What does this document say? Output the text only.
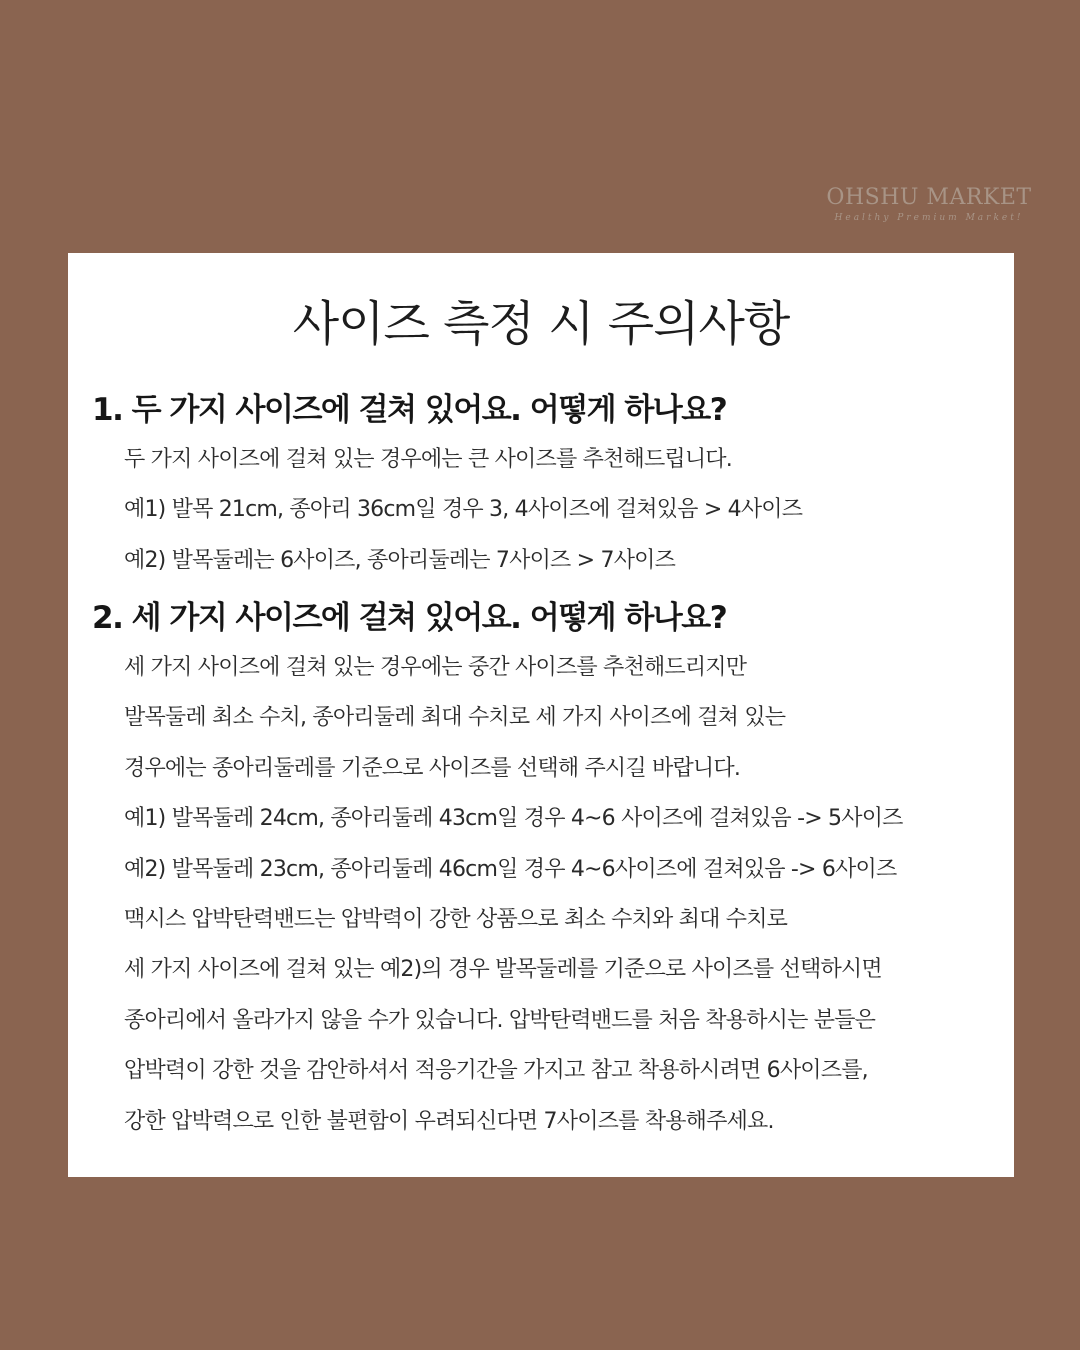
OHSHU MARKET
Healthy Premium Market!
사이즈 측정 시 주의사항
1. 두 가지 사이즈에 걸쳐 있어요. 어떻게 하나요?
두 가지 사이즈에 걸쳐 있는 경우에는 큰 사이즈를 추천해드립니다.
예1) 발목 21cm, 종아리 36cm일 경우 3, 4사이즈에 걸쳐있음 > 4사이즈
예2) 발목둘레는 6사이즈, 종아리둘레는 7사이즈 > 7사이즈
2. 세 가지 사이즈에 걸쳐 있어요. 어떻게 하나요?
세 가지 사이즈에 걸쳐 있는 경우에는 중간 사이즈를 추천해드리지만
발목둘레 최소 수치, 종아리둘레 최대 수치로 세 가지 사이즈에 걸쳐 있는
경우에는 종아리둘레를 기준으로 사이즈를 선택해 주시길 바랍니다.
예1) 발목둘레 24cm, 종아리둘레 43cm일 경우 4~6 사이즈에 걸쳐있음 -> 5사이즈
예2) 발목둘레 23cm, 종아리둘레 46cm일 경우 4~6사이즈에 걸쳐있음 -> 6사이즈
맥시스 압박탄력밴드는 압박력이 강한 상품으로 최소 수치와 최대 수치로
세 가지 사이즈에 걸쳐 있는 예2)의 경우 발목둘레를 기준으로 사이즈를 선택하시면
종아리에서 올라가지 않을 수가 있습니다. 압박탄력밴드를 처음 착용하시는 분들은
압박력이 강한 것을 감안하셔서 적응기간을 가지고 참고 착용하시려면 6사이즈를,
강한 압박력으로 인한 불편함이 우려되신다면 7사이즈를 착용해주세요.
